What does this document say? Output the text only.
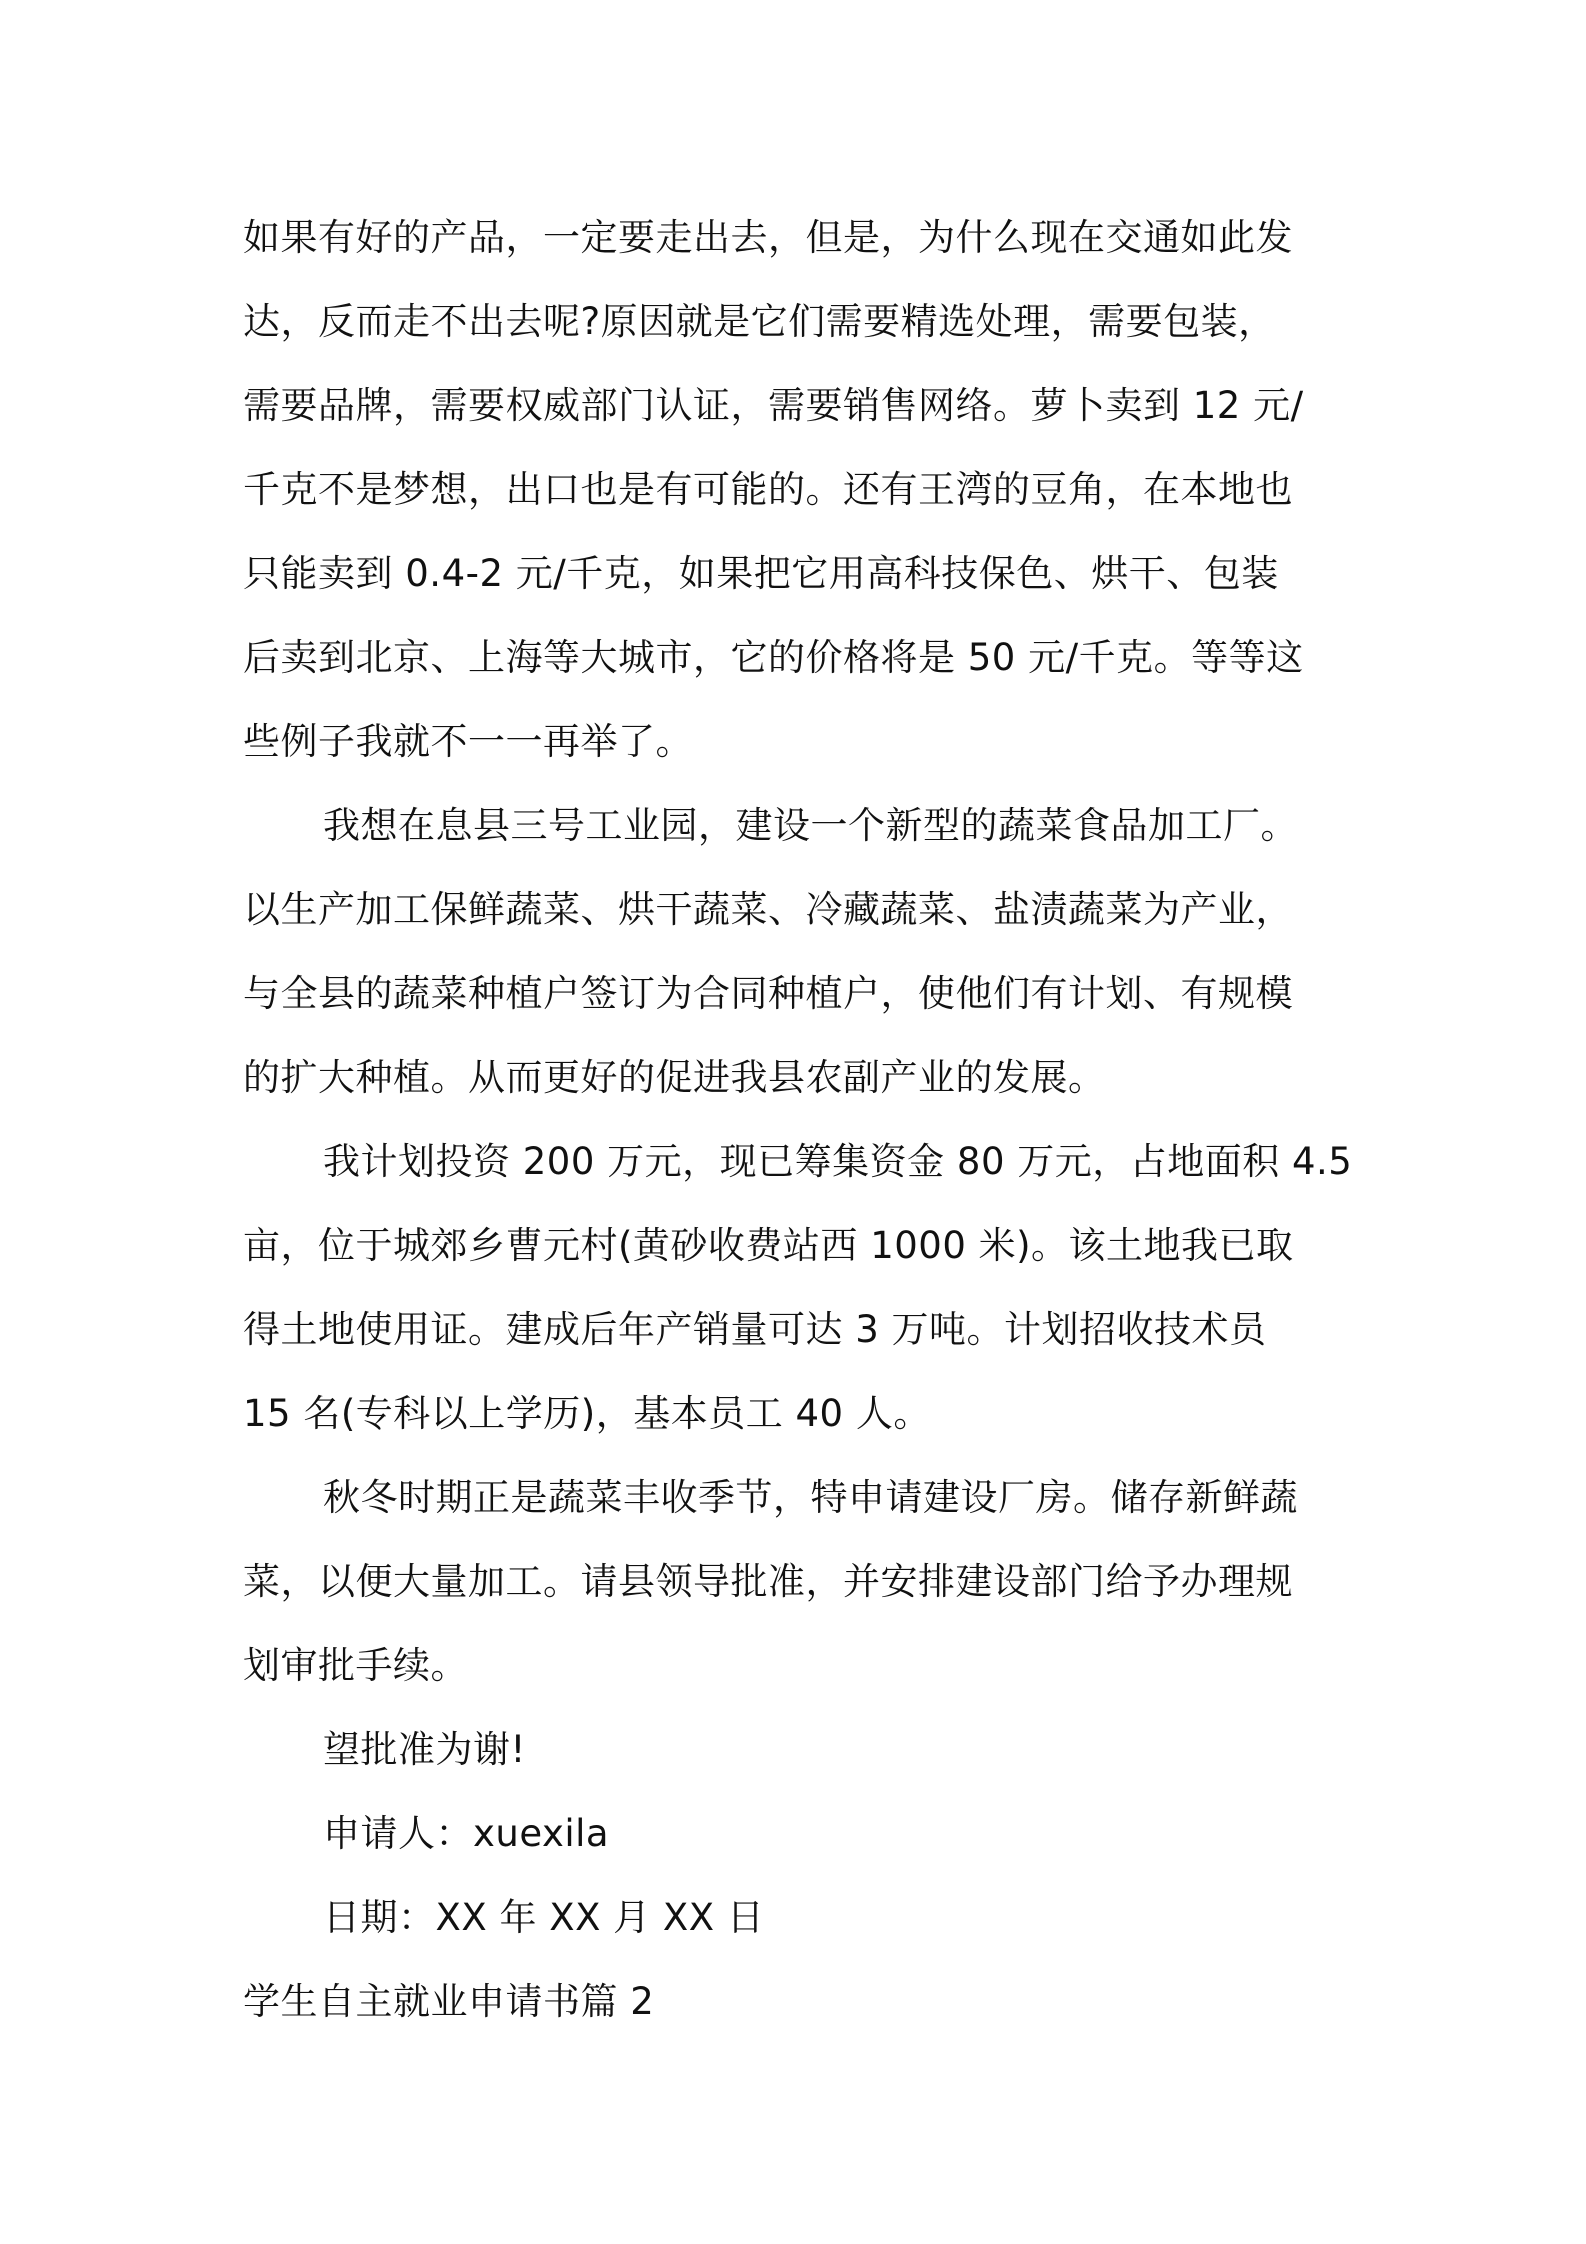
如果有好的产品，一定要走出去，但是，为什么现在交通如此发
达，反而走不出去呢?原因就是它们需要精选处理，需要包装，
需要品牌，需要权威部门认证，需要销售网络。萝卜卖到 12 元/
千克不是梦想，出口也是有可能的。还有王湾的豆角，在本地也
只能卖到 0.4-2 元/千克，如果把它用高科技保色、烘干、包装
后卖到北京、上海等大城市，它的价格将是 50 元/千克。等等这
些例子我就不一一再举了。
我想在息县三号工业园，建设一个新型的蔬菜食品加工厂。
以生产加工保鲜蔬菜、烘干蔬菜、冷藏蔬菜、盐渍蔬菜为产业，
与全县的蔬菜种植户签订为合同种植户，使他们有计划、有规模
的扩大种植。从而更好的促进我县农副产业的发展。
我计划投资 200 万元，现已筹集资金 80 万元，占地面积 4.5
亩，位于城郊乡曹元村(黄砂收费站西 1000 米)。该土地我已取
得土地使用证。建成后年产销量可达 3 万吨。计划招收技术员
15 名(专科以上学历)，基本员工 40 人。
秋冬时期正是蔬菜丰收季节，特申请建设厂房。储存新鲜蔬
菜，以便大量加工。请县领导批准，并安排建设部门给予办理规
划审批手续。
望批准为谢!
申请人：xuexila
日期：XX 年 XX 月 XX 日
学生自主就业申请书篇 2
